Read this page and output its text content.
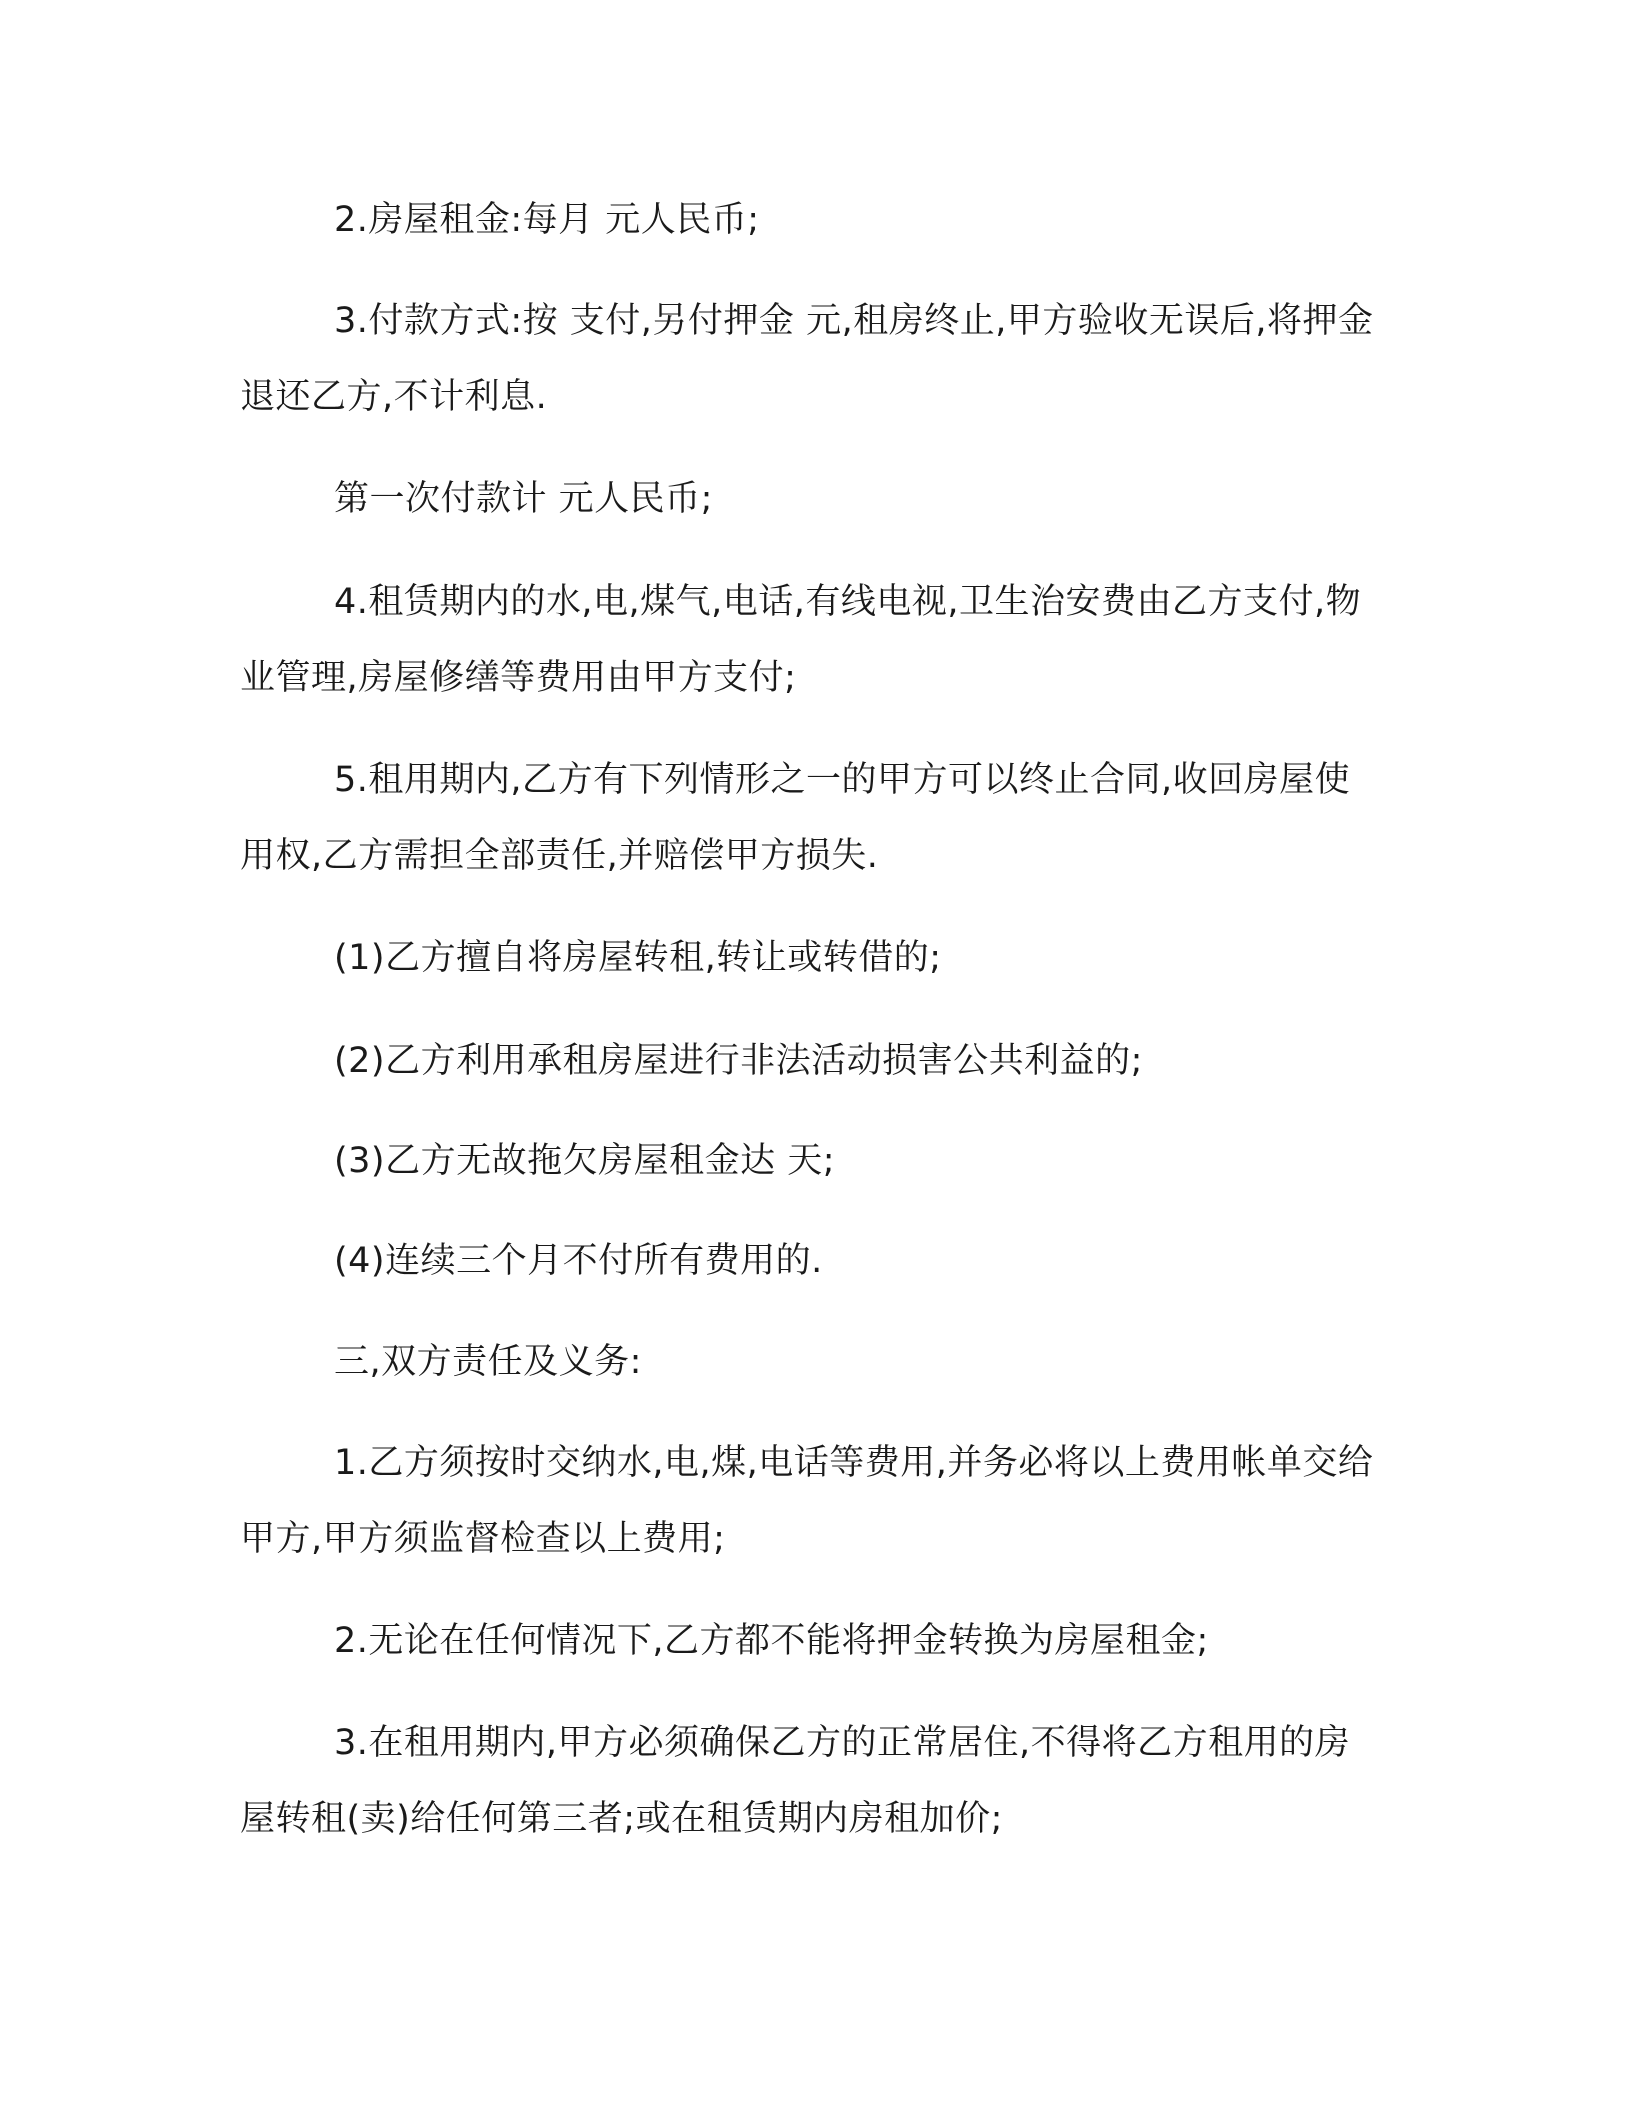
2.房屋租金:每月 元人民币;

3.付款方式:按 支付,另付押金 元,租房终止,甲方验收无误后,将押金退还乙方,不计利息.

第一次付款计 元人民币;

4.租赁期内的水,电,煤气,电话,有线电视,卫生治安费由乙方支付,物业管理,房屋修缮等费用由甲方支付;

5.租用期内,乙方有下列情形之一的甲方可以终止合同,收回房屋使用权,乙方需担全部责任,并赔偿甲方损失.

(1)乙方擅自将房屋转租,转让或转借的;

(2)乙方利用承租房屋进行非法活动损害公共利益的;

(3)乙方无故拖欠房屋租金达 天;

(4)连续三个月不付所有费用的.

三,双方责任及义务:

1.乙方须按时交纳水,电,煤,电话等费用,并务必将以上费用帐单交给甲方,甲方须监督检查以上费用;

2.无论在任何情况下,乙方都不能将押金转换为房屋租金;

3.在租用期内,甲方必须确保乙方的正常居住,不得将乙方租用的房屋转租(卖)给任何第三者;或在租赁期内房租加价;
